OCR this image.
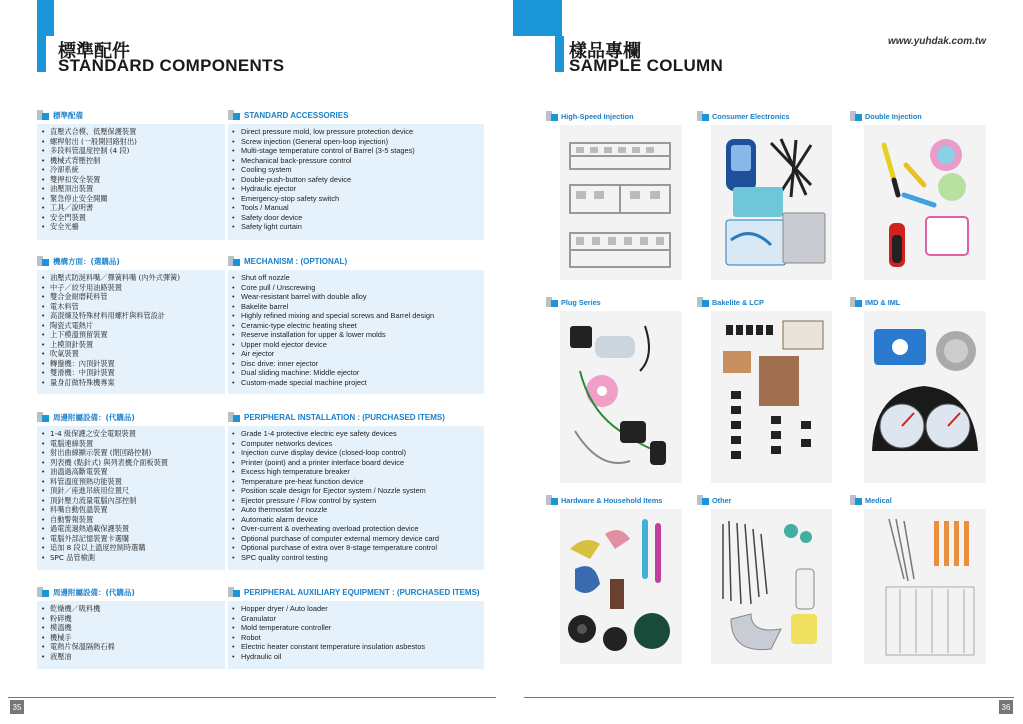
標準配件
STANDARD COMPONENTS
標準配備	STANDARD ACCESSORIES
• 直壓式合模、低壓保護裝置
• 螺桿射出 (一般開回路射出)
• 多段料管溫度控制 (4 段)
• 機械式背壓控制
• 冷卻系統
• 雙押扣安全裝置
• 油壓頂出裝置
• 緊急停止安全開關
• 工具／說明書
• 安全門裝置
• 安全光柵
• Direct pressure mold, low pressure protection device
• Screw injection (General open-loop injection)
• Multi-stage temperature control of Barrel (3-5 stages)
• Mechanical back-pressure control
• Cooling system
• Double-push-button safety device
• Hydraulic ejector
• Emergency-stop safety switch
• Tools / Manual
• Safety door device
• Safety light curtain
機構方面：(選購品)	MECHANISM : (OPTIONAL)
• 油壓式防涎料嘴／彈簧料嘴 (內外式彈簧)
• 中子／絞牙用油路裝置
• 雙合金耐磨耗料管
• 電木料管
• 高混煉及特殊材料用螺杆與料管設計
• 陶瓷式電熱片
• 上下模溫預留裝置
• 上模頂針裝置
• 吹氣裝置
• 轉盤機：內頂針裝置
• 雙滑機：中頂針裝置
• 量身訂做特殊機專案
• Shut off nozzle
• Core pull / Unscrewing
• Wear-resistant barrel with double alloy
• Bakelite barrel
• Highly refined mixing and special screws and Barrel design
• Ceramic-type electric heating sheet
• Reserve installation for upper & lower molds
• Upper mold ejector device
• Air ejector
• Disc drive: inner ejector
• Dual sliding machine: Middle ejector
• Custom-made special machine project
周邊附屬設備：(代購品)	PERIPHERAL INSTALLATION : (PURCHASED ITEMS)
• 1-4 級保護之安全電眼裝置
• 電腦連線裝置
• 射出曲線顯示裝置 (閉回路控制)
• 列表機 (點針式) 與列表機介面板裝置
• 油溫過高斷電裝置
• 料管溫度預熱功能裝置
• 頂針／座進吊統用位置尺
• 頂針壓力流量電腦內部控制
• 料嘴自動恆溫裝置
• 自動警報裝置
• 過電流過熱過載保護裝置
• 電腦外部記憶裝置卡選購
• 追加 8 段以上溫度控制時選購
• SPC 品管檢測
• Grade 1-4 protective electric eye safety devices
• Computer networks devices
• Injection curve display device (closed-loop control)
• Printer (point) and a printer interface board device
• Excess high temperature breaker
• Temperature pre-heat function device
• Position scale design for Ejector system / Nozzle system
• Ejector pressure / Flow control by system
• Auto thermostat for nozzle
• Automatic alarm device
• Over-current & overheating overload protection device
• Optional purchase of computer external memory device card
• Optional purchase of extra over 8-stage temperature control
• SPC quality control testing
周邊附屬設備：(代購品)	PERIPHERAL AUXILIARY EQUIPMENT : (PURCHASED ITEMS)
• 乾燥機／吸料機
• 粉碎機
• 模溫機
• 機械手
• 電熱片保溫隔熱石棉
• 液壓油
• Hopper dryer / Auto loader
• Granulator
• Mold temperature controller
• Robot
• Electric heater constant temperature insulation asbestos
• Hydraulic oil
35
樣品專欄
SAMPLE COLUMN
www.yuhdak.com.tw
High-Speed Injection	Consumer Electronics	Double Injection
Plug Series	Bakelite & LCP	IMD & IML
Hardware & Household Items	Other	Medical
36
